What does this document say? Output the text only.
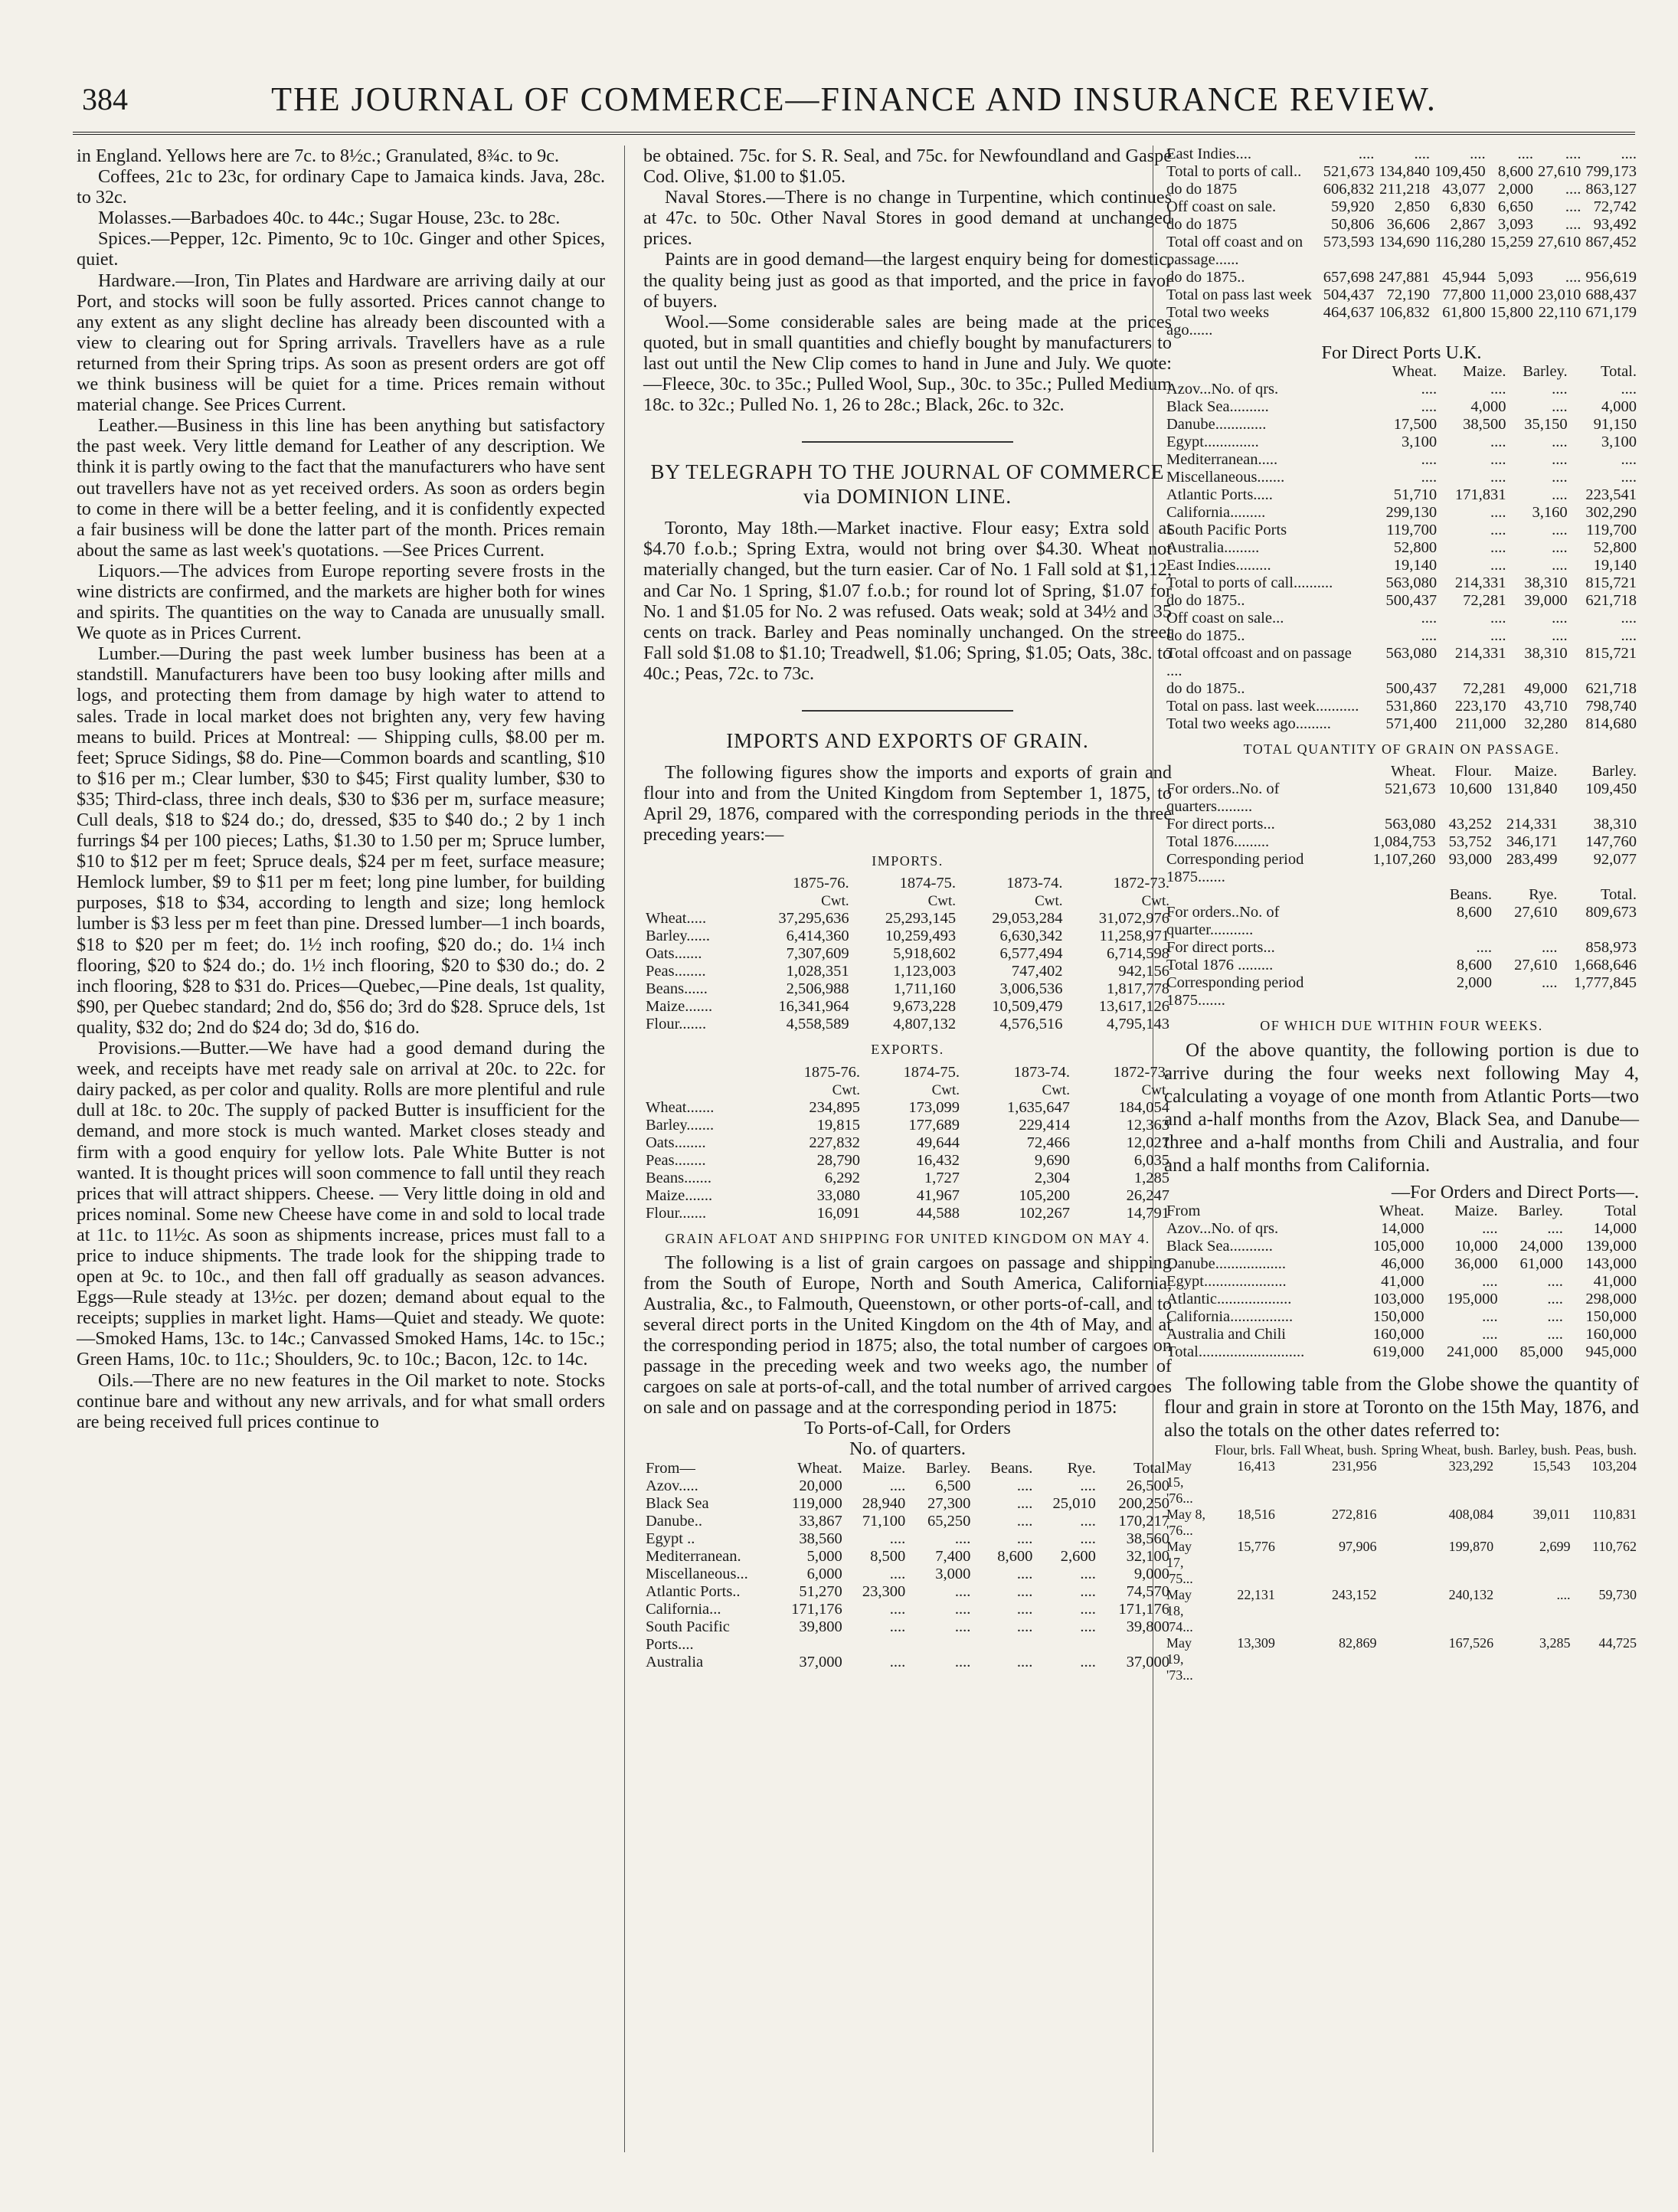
384	THE JOURNAL OF COMMERCE—FINANCE AND INSURANCE REVIEW.

in England. Yellows here are 7c. to 8½c.; Granulated, 8¾c. to 9c.

Coffees, 21c to 23c, for ordinary Cape to Jamaica kinds. Java, 28c. to 32c.

Molasses.—Barbadoes 40c. to 44c.; Sugar House, 23c. to 28c.

Spices.—Pepper, 12c. Pimento, 9c to 10c. Ginger and other Spices, quiet.

Hardware.—Iron, Tin Plates and Hardware are arriving daily at our Port, and stocks will soon be fully assorted. Prices cannot change to any extent as any slight decline has already been discounted with a view to clearing out for Spring arrivals. Travellers have as a rule returned from their Spring trips. As soon as present orders are got off we think business will be quiet for a time. Prices remain without material change. See Prices Current.

Leather.—Business in this line has been anything but satisfactory the past week. Very little demand for Leather of any description. We think it is partly owing to the fact that the manufacturers who have sent out travellers have not as yet received orders. As soon as orders begin to come in there will be a better feeling, and it is confidently expected a fair business will be done the latter part of the month. Prices remain about the same as last week's quotations. —See Prices Current.

Liquors.—The advices from Europe reporting severe frosts in the wine districts are confirmed, and the markets are higher both for wines and spirits. The quantities on the way to Canada are unusually small. We quote as in Prices Current.

Lumber.—During the past week lumber business has been at a standstill. Manufacturers have been too busy looking after mills and logs, and protecting them from damage by high water to attend to sales. Trade in local market does not brighten any, very few having means to build. Prices at Montreal: — Shipping culls, $8.00 per m. feet; Spruce Sidings, $8 do. Pine—Common boards and scantling, $10 to $16 per m.; Clear lumber, $30 to $45; First quality lumber, $30 to $35; Third-class, three inch deals, $30 to $36 per m, surface measure; Cull deals, $18 to $24 do.; do, dressed, $35 to $40 do.; 2 by 1 inch furrings $4 per 100 pieces; Laths, $1.30 to 1.50 per m; Spruce lumber, $10 to $12 per m feet; Spruce deals, $24 per m feet, surface measure; Hemlock lumber, $9 to $11 per m feet; long pine lumber, for building purposes, $18 to $34, according to length and size; long hemlock lumber is $3 less per m feet than pine. Dressed lumber—1 inch boards, $18 to $20 per m feet; do. 1½ inch roofing, $20 do.; do. 1¼ inch flooring, $20 to $24 do.; do. 1½ inch flooring, $20 to $30 do.; do. 2 inch flooring, $28 to $31 do. Prices—Quebec,—Pine deals, 1st quality, $90, per Quebec standard; 2nd do, $56 do; 3rd do $28. Spruce dels, 1st quality, $32 do; 2nd do $24 do; 3d do, $16 do.

Provisions.—Butter.—We have had a good demand during the week, and receipts have met ready sale on arrival at 20c. to 22c. for dairy packed, as per color and quality. Rolls are more plentiful and rule dull at 18c. to 20c. The supply of packed Butter is insufficient for the demand, and more stock is much wanted. Market closes steady and firm with a good enquiry for yellow lots. Pale White Butter is not wanted. It is thought prices will soon commence to fall until they reach prices that will attract shippers. Cheese. — Very little doing in old and prices nominal. Some new Cheese have come in and sold to local trade at 11c. to 11½c. As soon as shipments increase, prices must fall to a price to induce shipments. The trade look for the shipping trade to open at 9c. to 10c., and then fall off gradually as season advances. Eggs—Rule steady at 13½c. per dozen; demand about equal to the receipts; supplies in market light. Hams—Quiet and steady. We quote:—Smoked Hams, 13c. to 14c.; Canvassed Smoked Hams, 14c. to 15c.; Green Hams, 10c. to 11c.; Shoulders, 9c. to 10c.; Bacon, 12c. to 14c.

Oils.—There are no new features in the Oil market to note. Stocks continue bare and without any new arrivals, and for what small orders are being received full prices continue to

be obtained. 75c. for S. R. Seal, and 75c. for Newfoundland and Gaspé Cod. Olive, $1.00 to $1.05.

Naval Stores.—There is no change in Turpentine, which continues at 47c. to 50c. Other Naval Stores in good demand at unchanged prices.

Paints are in good demand—the largest enquiry being for domestic, the quality being just as good as that imported, and the price in favor of buyers.

Wool.—Some considerable sales are being made at the prices quoted, but in small quantities and chiefly bought by manufacturers to last out until the New Clip comes to hand in June and July. We quote:—Fleece, 30c. to 35c.; Pulled Wool, Sup., 30c. to 35c.; Pulled Medium 18c. to 32c.; Pulled No. 1, 26 to 28c.; Black, 26c. to 32c.

BY TELEGRAPH TO THE JOURNAL OF COMMERCE via DOMINION LINE.

Toronto, May 18th.—Market inactive. Flour easy; Extra sold at $4.70 f.o.b.; Spring Extra, would not bring over $4.30. Wheat not materially changed, but the turn easier. Car of No. 1 Fall sold at $1,12, and Car No. 1 Spring, $1.07 f.o.b.; for round lot of Spring, $1.07 for No. 1 and $1.05 for No. 2 was refused. Oats weak; sold at 34½ and 35 cents on track. Barley and Peas nominally unchanged. On the street Fall sold $1.08 to $1.10; Treadwell, $1.06; Spring, $1.05; Oats, 38c. to 40c.; Peas, 72c. to 73c.

IMPORTS AND EXPORTS OF GRAIN.

The following figures show the imports and exports of grain and flour into and from the United Kingdom from September 1, 1875, to April 29, 1876, compared with the corresponding periods in the three preceding years:—

IMPORTS.
	1875-76.	1874-75.	1873-74.	1872-73.
	Cwt.	Cwt.	Cwt.	Cwt.
Wheat.....	37,295,636	25,293,145	29,053,284	31,072,976
Barley......	6,414,360	10,259,493	6,630,342	11,258,971
Oats.......	7,307,609	5,918,602	6,577,494	6,714,598
Peas........	1,028,351	1,123,003	747,402	942,156
Beans......	2,506,988	1,711,160	3,006,536	1,817,778
Maize.......	16,341,964	9,673,228	10,509,479	13,617,126
Flour.......	4,558,589	4,807,132	4,576,516	4,795,143
EXPORTS.
	1875-76.	1874-75.	1873-74.	1872-73.
	Cwt.	Cwt.	Cwt.	Cwt.
Wheat.......	234,895	173,099	1,635,647	184,054
Barley.......	19,815	177,689	229,414	12,363
Oats........	227,832	49,644	72,466	12,027
Peas........	28,790	16,432	9,690	6,035
Beans.......	6,292	1,727	2,304	1,285
Maize.......	33,080	41,967	105,200	26,247
Flour.......	16,091	44,588	102,267	14,791
GRAIN AFLOAT AND SHIPPING FOR UNITED KINGDOM ON MAY 4.

The following is a list of grain cargoes on passage and shipping from the South of Europe, North and South America, California, Australia, &c., to Falmouth, Queenstown, or other ports-of-call, and to several direct ports in the United Kingdom on the 4th of May, and at the corresponding period in 1875; also, the total number of cargoes on passage in the preceding week and two weeks ago, the number of cargoes on sale at ports-of-call, and the total number of arrived cargoes on sale and on passage and at the corresponding period in 1875:

To Ports-of-Call, for Orders
No. of quarters.
From—	Wheat.	Maize.	Barley.	Beans.	Rye.	Total.
Azov.....	20,000	....	6,500	....	....	26,500
Black Sea	119,000	28,940	27,300	....	25,010	200,250
Danube..	33,867	71,100	65,250	....	....	170,217
Egypt ..	38,560	....	....	....	....	38,560
Mediterranean.	5,000	8,500	7,400	8,600	2,600	32,100
Miscellaneous...	6,000	....	3,000	....	....	9,000
Atlantic Ports..	51,270	23,300	....	....	....	74,570
California...	171,176	....	....	....	....	171,176
South Pacific Ports....	39,800	....	....	....	....	39,800
Australia	37,000	....	....	....	....	37,000
East Indies....	....	....	....	....	....	....
Total to ports of call..	521,673	134,840	109,450	8,600	27,610	799,173
do do 1875	606,832	211,218	43,077	2,000	....	863,127
Off coast on sale.	59,920	2,850	6,830	6,650	....	72,742
do do 1875	50,806	36,606	2,867	3,093	....	93,492
Total off coast and on passage......	573,593	134,690	116,280	15,259	27,610	867,452
do do 1875..	657,698	247,881	45,944	5,093	....	956,619
Total on pass last week	504,437	72,190	77,800	11,000	23,010	688,437
Total two weeks ago......	464,637	106,832	61,800	15,800	22,110	671,179
For Direct Ports U.K.
	Wheat.	Maize.	Barley.	Total.
Azov...No. of qrs.	....	....	....	....
Black Sea..........	....	4,000	....	4,000
Danube.............	17,500	38,500	35,150	91,150
Egypt..............	3,100	....	....	3,100
Mediterranean.....	....	....	....	....
Miscellaneous.......	....	....	....	....
Atlantic Ports.....	51,710	171,831	....	223,541
California.........	299,130	....	3,160	302,290
South Pacific Ports	119,700	....	....	119,700
Australia.........	52,800	....	....	52,800
East Indies.........	19,140	....	....	19,140
Total to ports of call..........	563,080	214,331	38,310	815,721
do do 1875..	500,437	72,281	39,000	621,718
Off coast on sale...	....	....	....	....
do do 1875..	....	....	....	....
Total offcoast and on passage ....	563,080	214,331	38,310	815,721
do do 1875..	500,437	72,281	49,000	621,718
Total on pass. last week...........	531,860	223,170	43,710	798,740
Total two weeks ago.........	571,400	211,000	32,280	814,680
TOTAL QUANTITY OF GRAIN ON PASSAGE.
	Wheat.	Flour.	Maize.	Barley.
For orders..No. of quarters.........	521,673	10,600	131,840	109,450
For direct ports...	563,080	43,252	214,331	38,310
Total 1876.........	1,084,753	53,752	346,171	147,760
Corresponding period 1875.......	1,107,260	93,000	283,499	92,077
		Beans.	Rye.	Total.
For orders..No. of quarter...........		8,600	27,610	809,673
For direct ports...		....	....	858,973
Total 1876 .........		8,600	27,610	1,668,646
Corresponding period 1875.......		2,000	....	1,777,845
OF WHICH DUE WITHIN FOUR WEEKS.

Of the above quantity, the following portion is due to arrive during the four weeks next following May 4, calculating a voyage of one month from Atlantic Ports—two and a-half months from the Azov, Black Sea, and Danube—three and a-half months from Chili and Australia, and four and a half months from California.

—For Orders and Direct Ports—.
From	Wheat.	Maize.	Barley.	Total
Azov...No. of qrs.	14,000	....	....	14,000
Black Sea...........	105,000	10,000	24,000	139,000
Danube..................	46,000	36,000	61,000	143,000
Egypt.....................	41,000	....	....	41,000
Atlantic...................	103,000	195,000	....	298,000
California................	150,000	....	....	150,000
Australia and Chili	160,000	....	....	160,000
Total...........................	619,000	241,000	85,000	945,000

The following table from the Globe showe the quantity of flour and grain in store at Toronto on the 15th May, 1876, and also the totals on the other dates referred to:

	Flour, brls.	Fall Wheat, bush.	Spring Wheat, bush.	Barley, bush.	Peas, bush.
May 15, '76...	16,413	231,956	323,292	15,543	103,204
May 8, '76...	18,516	272,816	408,084	39,011	110,831
May 17, '75...	15,776	97,906	199,870	2,699	110,762
May 18, '74...	22,131	243,152	240,132	....	59,730
May 19, '73...	13,309	82,869	167,526	3,285	44,725
